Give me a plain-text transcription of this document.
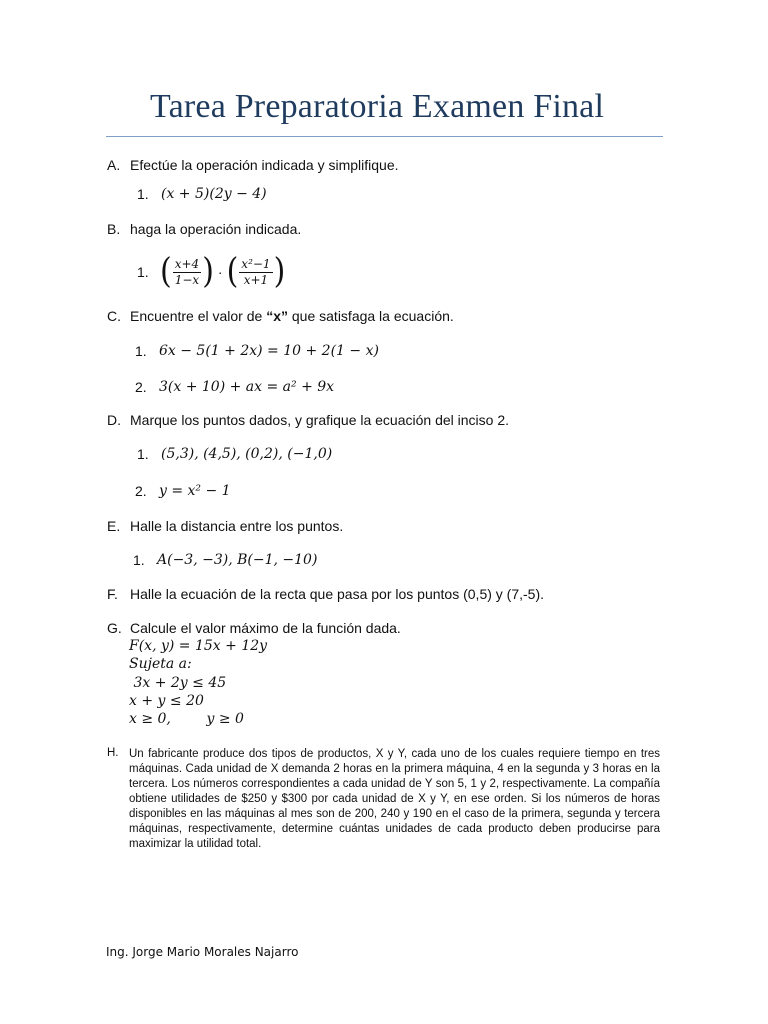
Tarea Preparatoria Examen Final
A. Efectúe la operación indicada y simplifique.
1. (x + 5)(2y − 4)
B. haga la operación indicada.
1. ( $\frac{x+4}{1-x}$ ) · ( $\frac{\text{x²−1}}{x+1}$ )
C. Encuentre el valor de “x” que satisfaga la ecuación.
1. 6x − 5(1 + 2x) = 10 + 2(1 − x)
2. 3(x + 10) + ax = a² + 9x
D. Marque los puntos dados, y grafique la ecuación del inciso 2.
1. (5,3), (4,5), (0,2), (−1,0)
2. y = x² − 1
E. Halle la distancia entre los puntos.
1. A(−3, −3), B(−1, −10)
F. Halle la ecuación de la recta que pasa por los puntos (0,5) y (7,-5).
G. Calcule el valor máximo de la función dada.
F(x, y) = 15x + 12y
Sujeta a:
3x + 2y ≤ 45
x + y ≤ 20
x ≥ 0,        y ≥ 0
H. Un fabricante produce dos tipos de productos, X y Y, cada uno de los cuales requiere tiempo en tres máquinas. Cada unidad de X demanda 2 horas en la primera máquina, 4 en la segunda y 3 horas en la tercera. Los números correspondientes a cada unidad de Y son 5, 1 y 2, respectivamente. La compañía obtiene utilidades de $250 y $300 por cada unidad de X y Y, en ese orden. Si los números de horas disponibles en las máquinas al mes son de 200, 240 y 190 en el caso de la primera, segunda y tercera máquinas, respectivamente, determine cuántas unidades de cada producto deben producirse para maximizar la utilidad total.
Ing. Jorge Mario Morales Najarro
